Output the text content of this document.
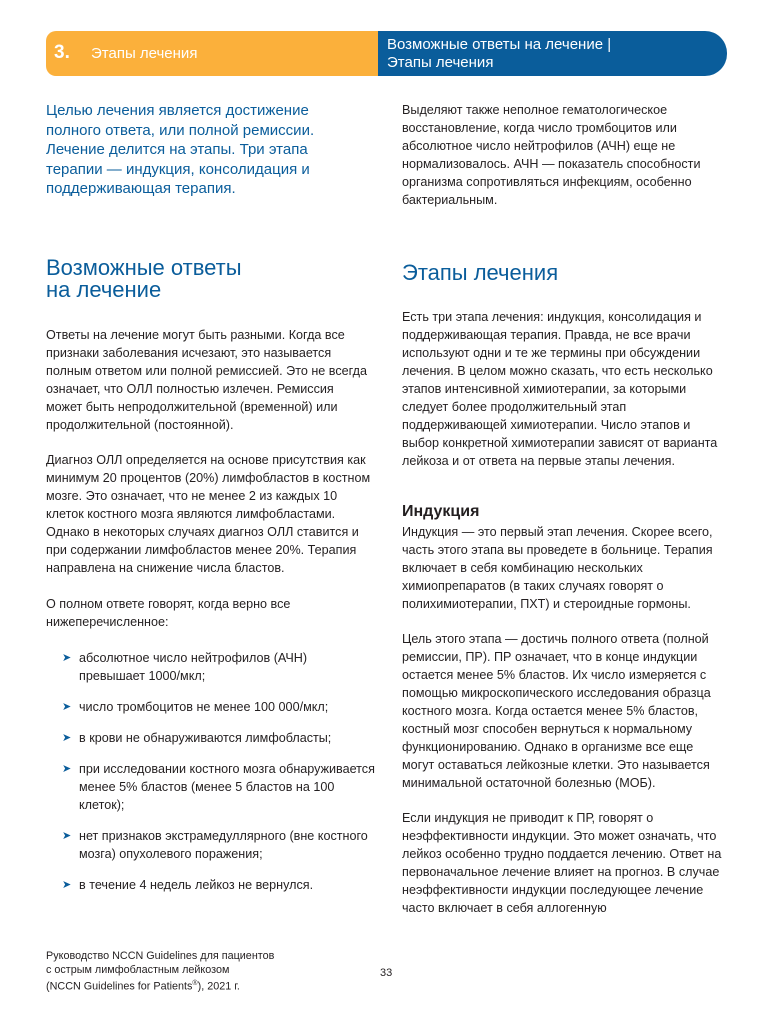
3. Этапы лечения
Возможные ответы на лечение |
Этапы лечения
Целью лечения является достижение полного ответа, или полной ремиссии. Лечение делится на этапы. Три этапа терапии — индукция, консолидация и поддерживающая терапия.
Возможные ответы
на лечение

Ответы на лечение могут быть разными. Когда все признаки заболевания исчезают, это называется полным ответом или полной ремиссией. Это не всегда означает, что ОЛЛ полностью излечен. Ремиссия может быть непродолжительной (временной) или продолжительной (постоянной).

Диагноз ОЛЛ определяется на основе присутствия как минимум 20 процентов (20%) лимфобластов в костном мозге. Это означает, что не менее 2 из каждых 10 клеток костного мозга являются лимфобластами. Однако в некоторых случаях диагноз ОЛЛ ставится и при содержании лимфобластов менее 20%. Терапия направлена на снижение числа бластов.

О полном ответе говорят, когда верно все нижеперечисленное:

➤ абсолютное число нейтрофилов (АЧН) превышает 1000/мкл;
➤ число тромбоцитов не менее 100 000/мкл;
➤ в крови не обнаруживаются лимфобласты;
➤ при исследовании костного мозга обнаруживается менее 5% бластов (менее 5 бластов на 100 клеток);
➤ нет признаков экстрамедуллярного (вне костного мозга) опухолевого поражения;
➤ в течение 4 недель лейкоз не вернулся.

Выделяют также неполное гематологическое восстановление, когда число тромбоцитов или абсолютное число нейтрофилов (АЧН) еще не нормализовалось. АЧН — показатель способности организма сопротивляться инфекциям, особенно бактериальным.

Этапы лечения

Есть три этапа лечения: индукция, консолидация и поддерживающая терапия. Правда, не все врачи используют одни и те же термины при обсуждении лечения. В целом можно сказать, что есть несколько этапов интенсивной химиотерапии, за которыми следует более продолжительный этап поддерживающей химиотерапии. Число этапов и выбор конкретной химиотерапии зависят от варианта лейкоза и от ответа на первые этапы лечения.

Индукция

Индукция — это первый этап лечения. Скорее всего, часть этого этапа вы проведете в больнице. Терапия включает в себя комбинацию нескольких химиопрепаратов (в таких случаях говорят о полихимиотерапии, ПХТ) и стероидные гормоны.

Цель этого этапа — достичь полного ответа (полной ремиссии, ПР). ПР означает, что в конце индукции остается менее 5% бластов. Их число измеряется с помощью микроскопического исследования образца костного мозга. Когда остается менее 5% бластов, костный мозг способен вернуться к нормальному функционированию. Однако в организме все еще могут оставаться лейкозные клетки. Это называется минимальной остаточной болезнью (МОБ).

Если индукция не приводит к ПР, говорят о неэффективности индукции. Это может означать, что лейкоз особенно трудно поддается лечению. Ответ на первоначальное лечение влияет на прогноз. В случае неэффективности индукции последующее лечение часто включает в себя аллогенную

Руководство NCCN Guidelines для пациентов
с острым лимфобластным лейкозом
(NCCN Guidelines for Patients®), 2021 г.
33
